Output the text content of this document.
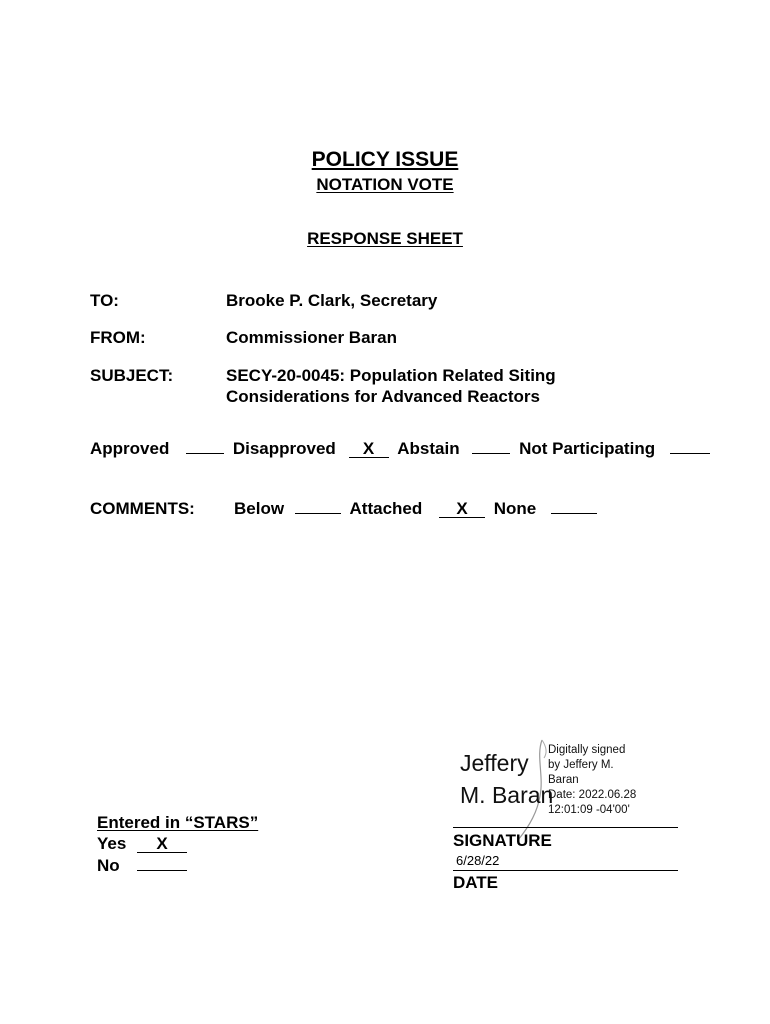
POLICY ISSUE
NOTATION VOTE
RESPONSE SHEET
TO:	Brooke P. Clark, Secretary
FROM:	Commissioner Baran
SUBJECT:	SECY-20-0045: Population Related Siting
Considerations for Advanced Reactors
Approved	Disapproved X Abstain	Not Participating
COMMENTS: Below	Attached X None
Jeffery
M. Baran
Digitally signed
by Jeffery M.
Baran
Date: 2022.06.28
12:01:09 -04'00'
SIGNATURE
6/28/22
DATE
Entered in “STARS”
Yes X
No
